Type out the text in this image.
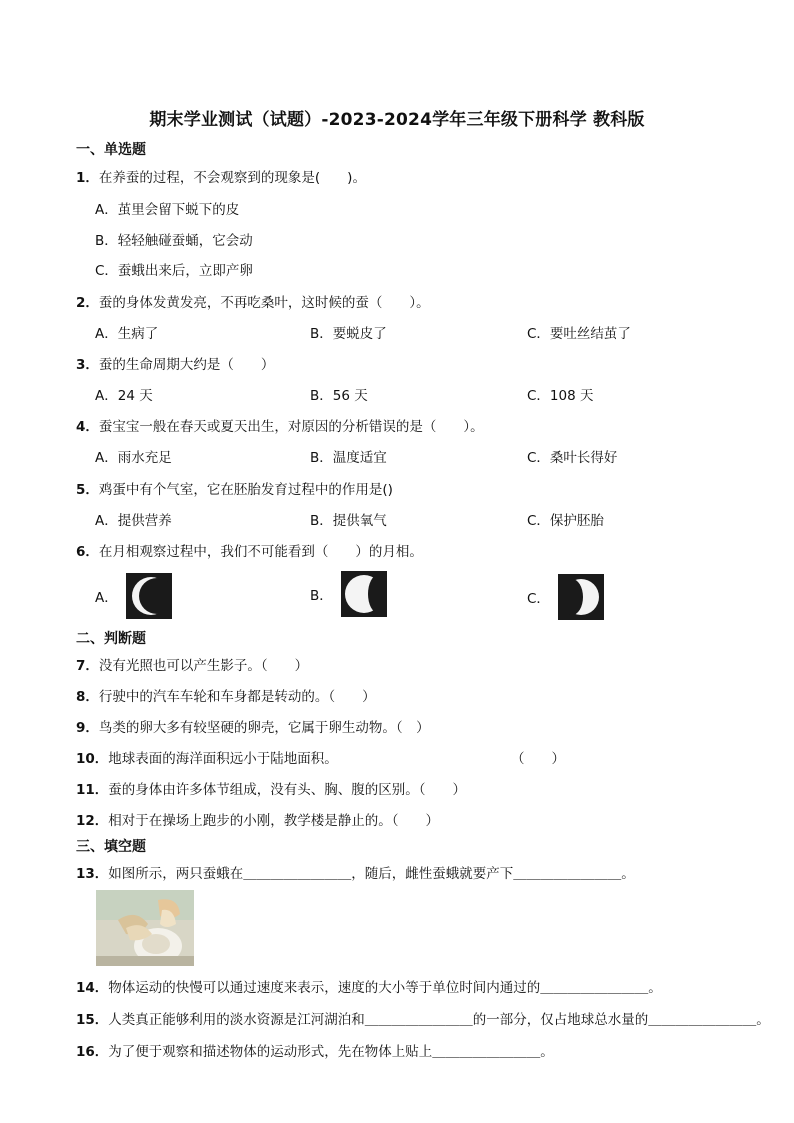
期末学业测试（试题）-2023-2024学年三年级下册科学 教科版
一、单选题
1．在养蚕的过程，不会观察到的现象是(　　)。
A．茧里会留下蜕下的皮
B．轻轻触碰蚕蛹，它会动
C．蚕蛾出来后，立即产卵
2．蚕的身体发黄发亮，不再吃桑叶，这时候的蚕（　　）。
A．生病了	B．要蜕皮了	C．要吐丝结茧了
3．蚕的生命周期大约是（　　）
A．24 天	B．56 天	C．108 天
4．蚕宝宝一般在春天或夏天出生，对原因的分析错误的是（　　）。
A．雨水充足	B．温度适宜	C．桑叶长得好
5．鸡蛋中有个气室，它在胚胎发育过程中的作用是()
A．提供营养	B．提供氧气	C．保护胚胎
6．在月相观察过程中，我们不可能看到（　　）的月相。
A．	B．	C．
二、判断题
7．没有光照也可以产生影子。（　　）
8．行驶中的汽车车轮和车身都是转动的。（　　）
9．鸟类的卵大多有较坚硬的卵壳，它属于卵生动物。（　）
10．地球表面的海洋面积远小于陆地面积。	（　　）
11．蚕的身体由许多体节组成，没有头、胸、腹的区别。（　　）
12．相对于在操场上跑步的小刚，教学楼是静止的。（　　）
三、填空题
13．如图所示，两只蚕蛾在＿＿＿＿＿＿＿＿，随后，雌性蚕蛾就要产下＿＿＿＿＿＿＿＿。
14．物体运动的快慢可以通过速度来表示，速度的大小等于单位时间内通过的＿＿＿＿＿＿＿＿。
15．人类真正能够利用的淡水资源是江河湖泊和＿＿＿＿＿＿＿＿的一部分，仅占地球总水量的＿＿＿＿＿＿＿＿。
16．为了便于观察和描述物体的运动形式，先在物体上贴上＿＿＿＿＿＿＿＿。
